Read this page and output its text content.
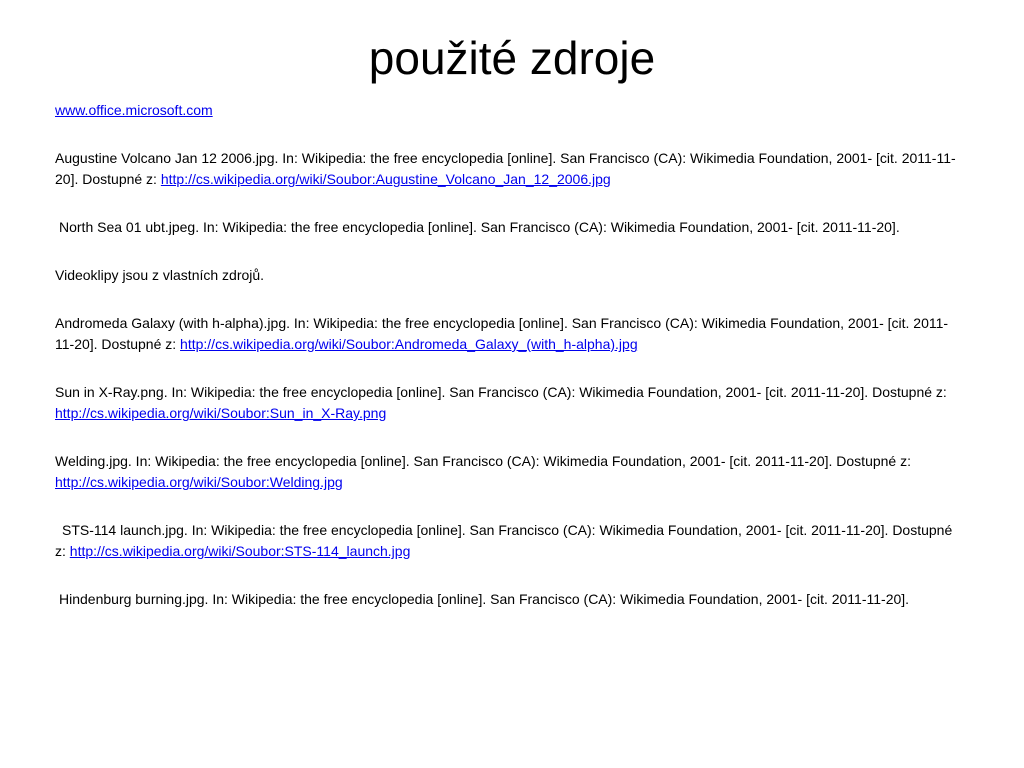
použité zdroje

www.office.microsoft.com

Augustine Volcano Jan 12 2006.jpg. In: Wikipedia: the free encyclopedia [online]. San Francisco (CA): Wikimedia Foundation, 2001- [cit. 2011-11-20]. Dostupné z: http://cs.wikipedia.org/wiki/Soubor:Augustine_Volcano_Jan_12_2006.jpg

North Sea 01 ubt.jpeg. In: Wikipedia: the free encyclopedia [online]. San Francisco (CA): Wikimedia Foundation, 2001- [cit. 2011-11-20].

Videoklipy jsou z vlastních zdrojů.

Andromeda Galaxy (with h-alpha).jpg. In: Wikipedia: the free encyclopedia [online]. San Francisco (CA): Wikimedia Foundation, 2001- [cit. 2011-11-20]. Dostupné z: http://cs.wikipedia.org/wiki/Soubor:Andromeda_Galaxy_(with_h-alpha).jpg

Sun in X-Ray.png. In: Wikipedia: the free encyclopedia [online]. San Francisco (CA): Wikimedia Foundation, 2001- [cit. 2011-11-20]. Dostupné z: http://cs.wikipedia.org/wiki/Soubor:Sun_in_X-Ray.png

Welding.jpg. In: Wikipedia: the free encyclopedia [online]. San Francisco (CA): Wikimedia Foundation, 2001- [cit. 2011-11-20]. Dostupné z: http://cs.wikipedia.org/wiki/Soubor:Welding.jpg

STS-114 launch.jpg. In: Wikipedia: the free encyclopedia [online]. San Francisco (CA): Wikimedia Foundation, 2001- [cit. 2011-11-20]. Dostupné z: http://cs.wikipedia.org/wiki/Soubor:STS-114_launch.jpg

Hindenburg burning.jpg. In: Wikipedia: the free encyclopedia [online]. San Francisco (CA): Wikimedia Foundation, 2001- [cit. 2011-11-20].
